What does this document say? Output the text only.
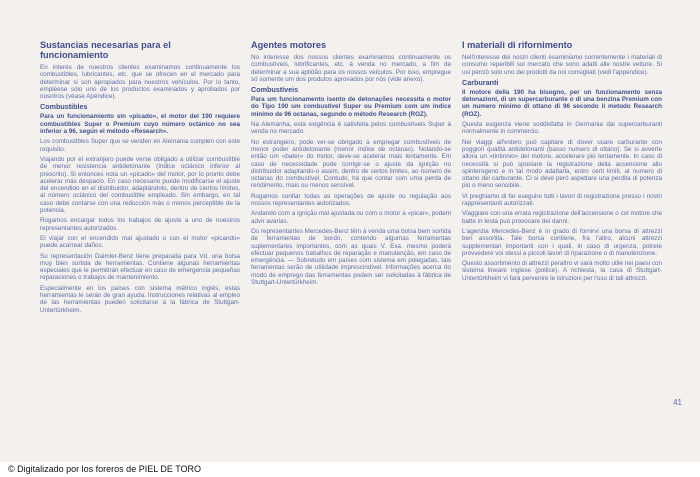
Sustancias necesarias para el funcionamiento

En interés de nuestros clientes examinamos continuamente los combustibles, lubricantes, etc. que se ofrecen en el mercado para determinar si son apropiados para nuestros vehículos. Por lo tanto, empléese sólo uno de los productos examinados y aprobados por nosotros (véase Apéndice).

Combustibles

Para un funcionamiento sin «picado», el motor del 190 requiere combustibles Super o Premium cuyo número octánico no sea inferior a 96, según el método «Research».

Los combustibles Super que se venden en Alemania cumplen con este requisito.

Viajando por el extranjero puede verse obligado a utilizar combustible de menor resistencia antidetonante (índice octánico inferior al prescrito). Si entonces nota un «picado» del motor, por lo pronto debe acelerar más despacio. En caso necesario puede modificarse el ajuste del encendido en el distribuidor, adaptándolo, dentro de ciertos límites, al número octánico del combustible empleado. Sin embargo, en tal caso debe contarse con una reducción más o menos perceptible de la potencia.

Rogamos encargar todos los trabajos de ajuste a uno de nuestros representantes autorizados.

El viajar con el encendido mal ajustado o con el motor «picando» puede acarrear daños.

Su representación Daimler-Benz tiene preparada para Vd. una bolsa muy bien surtida de herramientas. Contiene algunas herramientas especiales que le permitirán efectuar en caso de emergencia pequeñas reparaciones o trabajos de mantenimiento.

Especialmente en los países con sistema métrico inglés, estas herramientas le serán de gran ayuda. Instrucciones relativas al empleo de las herramientas pueden solicitarse a la fábrica de Stuttgart-Untertürkheim.

Agentes motores

No interesse dos nossos clientes examinamos continuamente os combustíveis, lubrificantes, etc. à venda no mercado, a fim de determinar a sua aptidão para os nossos veículos. Por isso, empregue só somente um dos produtos aprovados por nós (vide anexo).

Combustíveis

Para um funcionamento isento de detonações necessita o motor do Tipo 190 um combustível Super ou Premium com um índice mínimo de 96 octanas, segundo o método Research (ROZ).

Na Alemanha, esta exigência é satisfeita pelos combustíveis Super à venda no mercado.

No estrangeiro, pode ver-se obrigado a empregar combustíveis de menor poder antidetonante (menor índice de octanas). Notando-se então um «bater» do motor, deve-se acelerar mais lentamente. Em caso de necessidade pode corrigir-se o ajuste da ignição no distribuidor adaptando-o assim, dentro de certos limites, ao número de octanas do combustível. Contudo, há que contar com uma perda de rendimento, mais ou menos sensível.

Rogamos confiar todas as operações de ajuste ou regulação aos nossos representantes autorizados.

Andando com a ignição mal ajustada ou com o motor a «picar», podem advir avarias.

Os representantes Mercedes-Benz têm à venda uma bolsa bem sortida de ferramentas de bordo, contendo algumas ferramentas suplementares importantes, com as quais V. Exa. mesmo poderá efectuar pequenos trabalhos de reparação e manutenção, em caso de emergência. — Sobretudo em países com sistema em polegadas, tais ferramentas serão de utilidade imprescindível. Informações acerca do modo de emprego das ferramentas podem ser solicitadas à fábrica de Stuttgart-Untertürkheim.

I materiali di rifornimento

Nell'interesse dei nostri clienti esaminiamo correntemente i materiali di consumo reperibili sul mercato che sono adatti alle nostre vetture. Si usi perciò solo uno dei prodotti da noi consigliati (vedi l'appendice).

Carburanti

Il motore della 190 ha bisogno, per un funzionamento senza detonazioni, di un supercarburante o di una benzina Premium con un numero minimo di ottano di 96 secondo il metodo Research (ROZ).

Questa esigenza viene soddisfatta in Germania dai supercarburanti normalmente in commercio.

Nei viaggi all'estero può capitare di dover usare carburante con poggiori qualità antidetonanti (basso numero di ottano). Se si avverte allora un «tintinnio» del motore, accelerare più lentamente. In caso di necessità si può spostare la registrazione della accensione allo spinterogeno e in tal modo adattarla, entro certi limiti, al numero di ottano del carburante. Ci si deve però aspettare una perdita di potenza più o meno sensibile.

Vi preghiamo di far eseguire tutti i lavori di registrazione presso i nostri rappresentanti autorizzati.

Viaggiare con una errata registrazione dell'accensione o col motore che batte in testa può provocare dei danni.

L'agenzia Mercedes-Benz è in grado di fornirvi una borsa di attrezzi ben assortita. Tale borsa contiene, fra l'altro, alcuni attrezzi supplementari importanti con i quali, in caso di urgenza, potrete provvedere voi stessi a piccoli lavori di riparazione o di manutenzione.

Questo assortimento di attrezzi peraltro vi sarà molto utile nei paesi con sistema lineare inglese (pollice). A richiesta, la casa di Stuttgart-Untertürkheim vi farà pervenire le istruzioni per l'uso di tali attrezzi.

41
© Digitalizado por los foreros de PIEL DE TORO
